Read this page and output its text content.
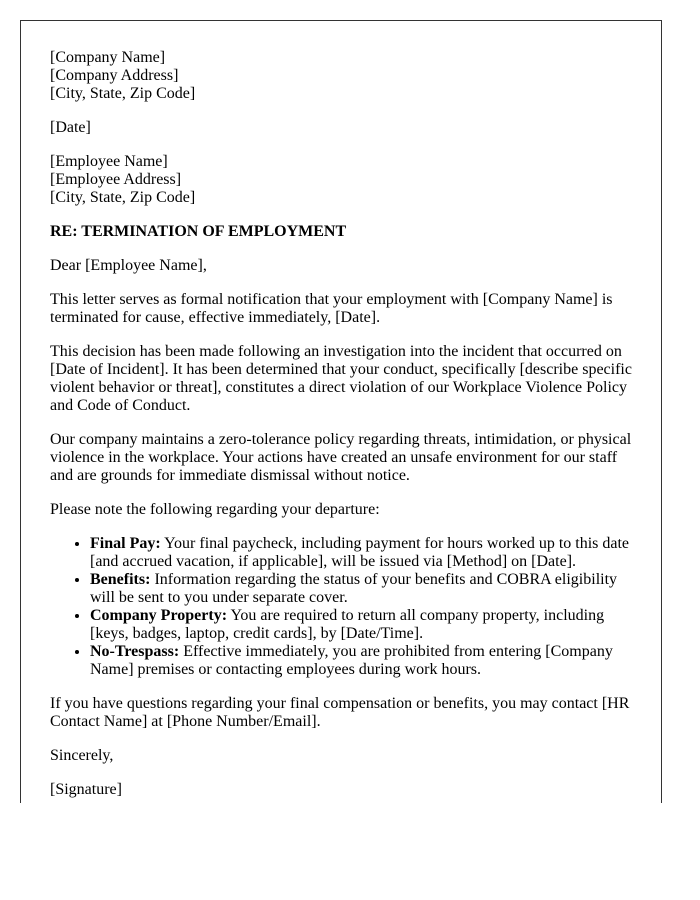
[Company Name]

[Company Address]

[City, State, Zip Code]

[Date]

[Employee Name]

[Employee Address]

[City, State, Zip Code]

RE: TERMINATION OF EMPLOYMENT

Dear [Employee Name],

This letter serves as formal notification that your employment with [Company Name] is terminated for cause, effective immediately, [Date].

This decision has been made following an investigation into the incident that occurred on [Date of Incident]. It has been determined that your conduct, specifically [describe specific violent behavior or threat], constitutes a direct violation of our Workplace Violence Policy and Code of Conduct.

Our company maintains a zero-tolerance policy regarding threats, intimidation, or physical violence in the workplace. Your actions have created an unsafe environment for our staff and are grounds for immediate dismissal without notice.

Please note the following regarding your departure:

• Final Pay: Your final paycheck, including payment for hours worked up to this date [and accrued vacation, if applicable], will be issued via [Method] on [Date].
• Benefits: Information regarding the status of your benefits and COBRA eligibility will be sent to you under separate cover.
• Company Property: You are required to return all company property, including [keys, badges, laptop, credit cards], by [Date/Time].
• No-Trespass: Effective immediately, you are prohibited from entering [Company Name] premises or contacting employees during work hours.

If you have questions regarding your final compensation or benefits, you may contact [HR Contact Name] at [Phone Number/Email].

Sincerely,

[Signature]
